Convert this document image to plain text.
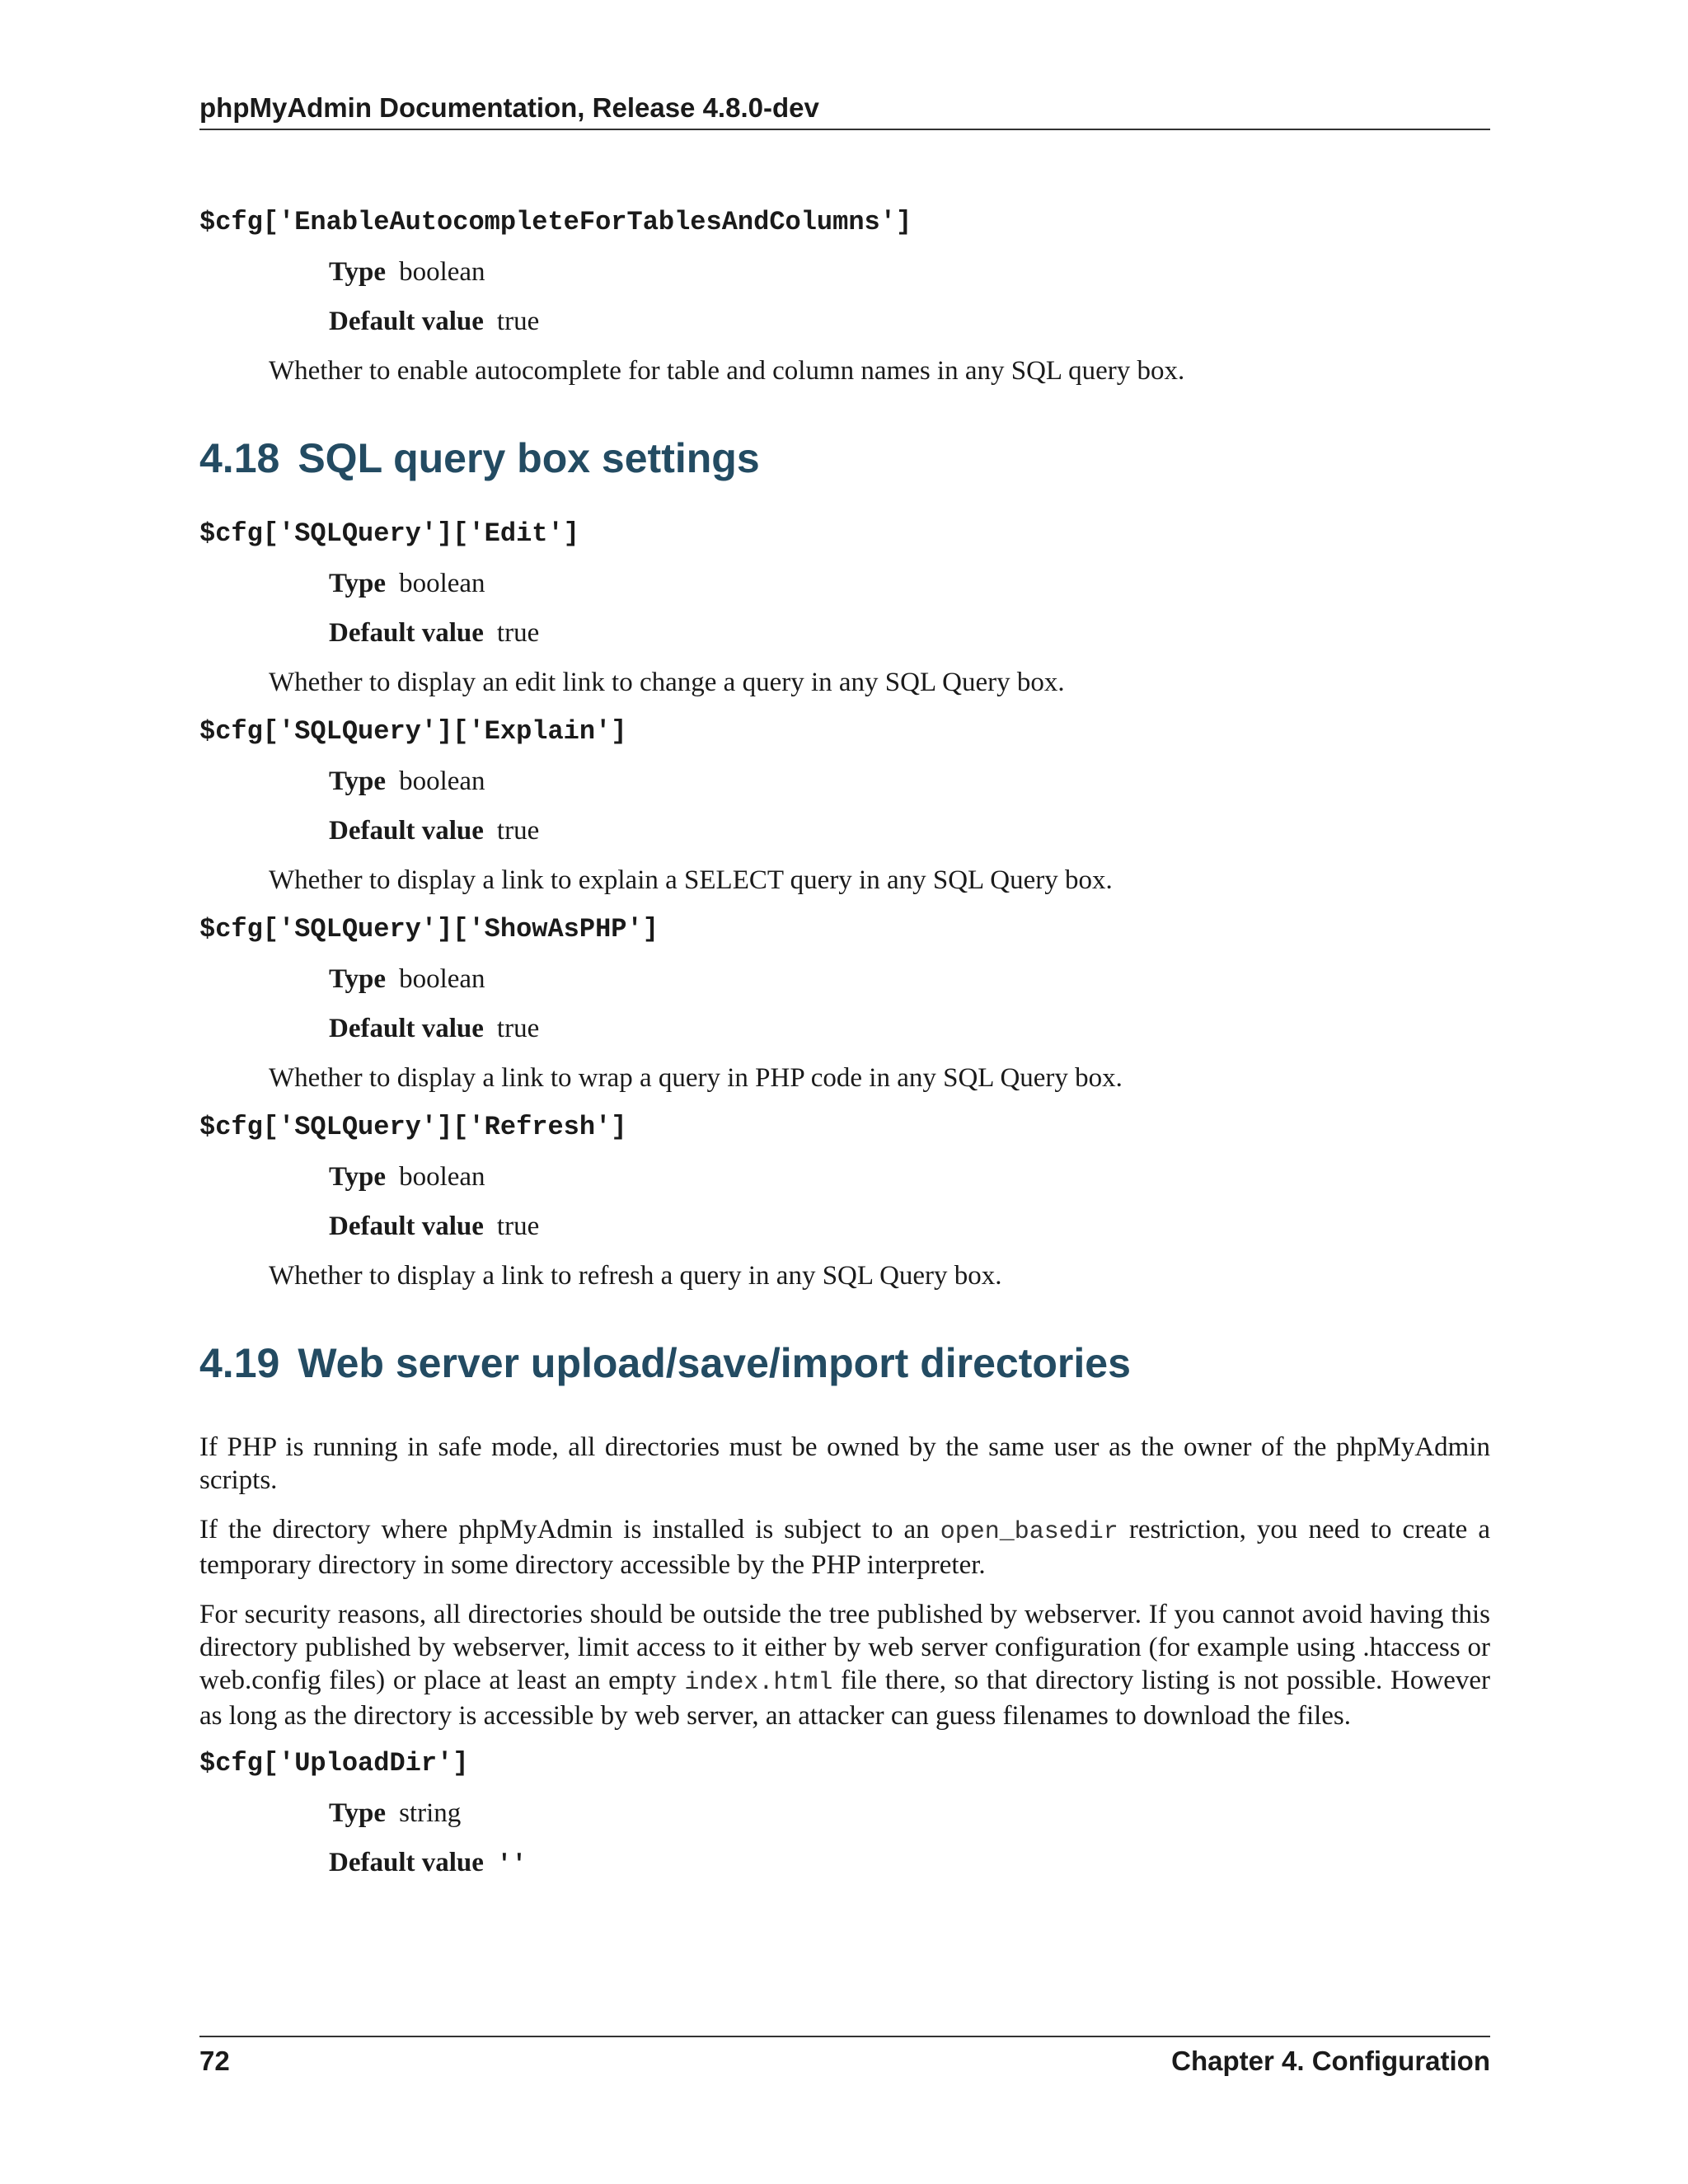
phpMyAdmin Documentation, Release 4.8.0-dev

$cfg['EnableAutocompleteForTablesAndColumns']

Type boolean

Default value true

Whether to enable autocomplete for table and column names in any SQL query box.

4.18 SQL query box settings

$cfg['SQLQuery']['Edit']

Type boolean

Default value true

Whether to display an edit link to change a query in any SQL Query box.

$cfg['SQLQuery']['Explain']

Type boolean

Default value true

Whether to display a link to explain a SELECT query in any SQL Query box.

$cfg['SQLQuery']['ShowAsPHP']

Type boolean

Default value true

Whether to display a link to wrap a query in PHP code in any SQL Query box.

$cfg['SQLQuery']['Refresh']

Type boolean

Default value true

Whether to display a link to refresh a query in any SQL Query box.

4.19 Web server upload/save/import directories

If PHP is running in safe mode, all directories must be owned by the same user as the owner of the phpMyAdmin scripts.

If the directory where phpMyAdmin is installed is subject to an open_basedir restriction, you need to create a temporary directory in some directory accessible by the PHP interpreter.

For security reasons, all directories should be outside the tree published by webserver. If you cannot avoid having this directory published by webserver, limit access to it either by web server configuration (for example using .htaccess or web.config files) or place at least an empty index.html file there, so that directory listing is not possible. However as long as the directory is accessible by web server, an attacker can guess filenames to download the files.

$cfg['UploadDir']

Type string

Default value ''

72	Chapter 4. Configuration
